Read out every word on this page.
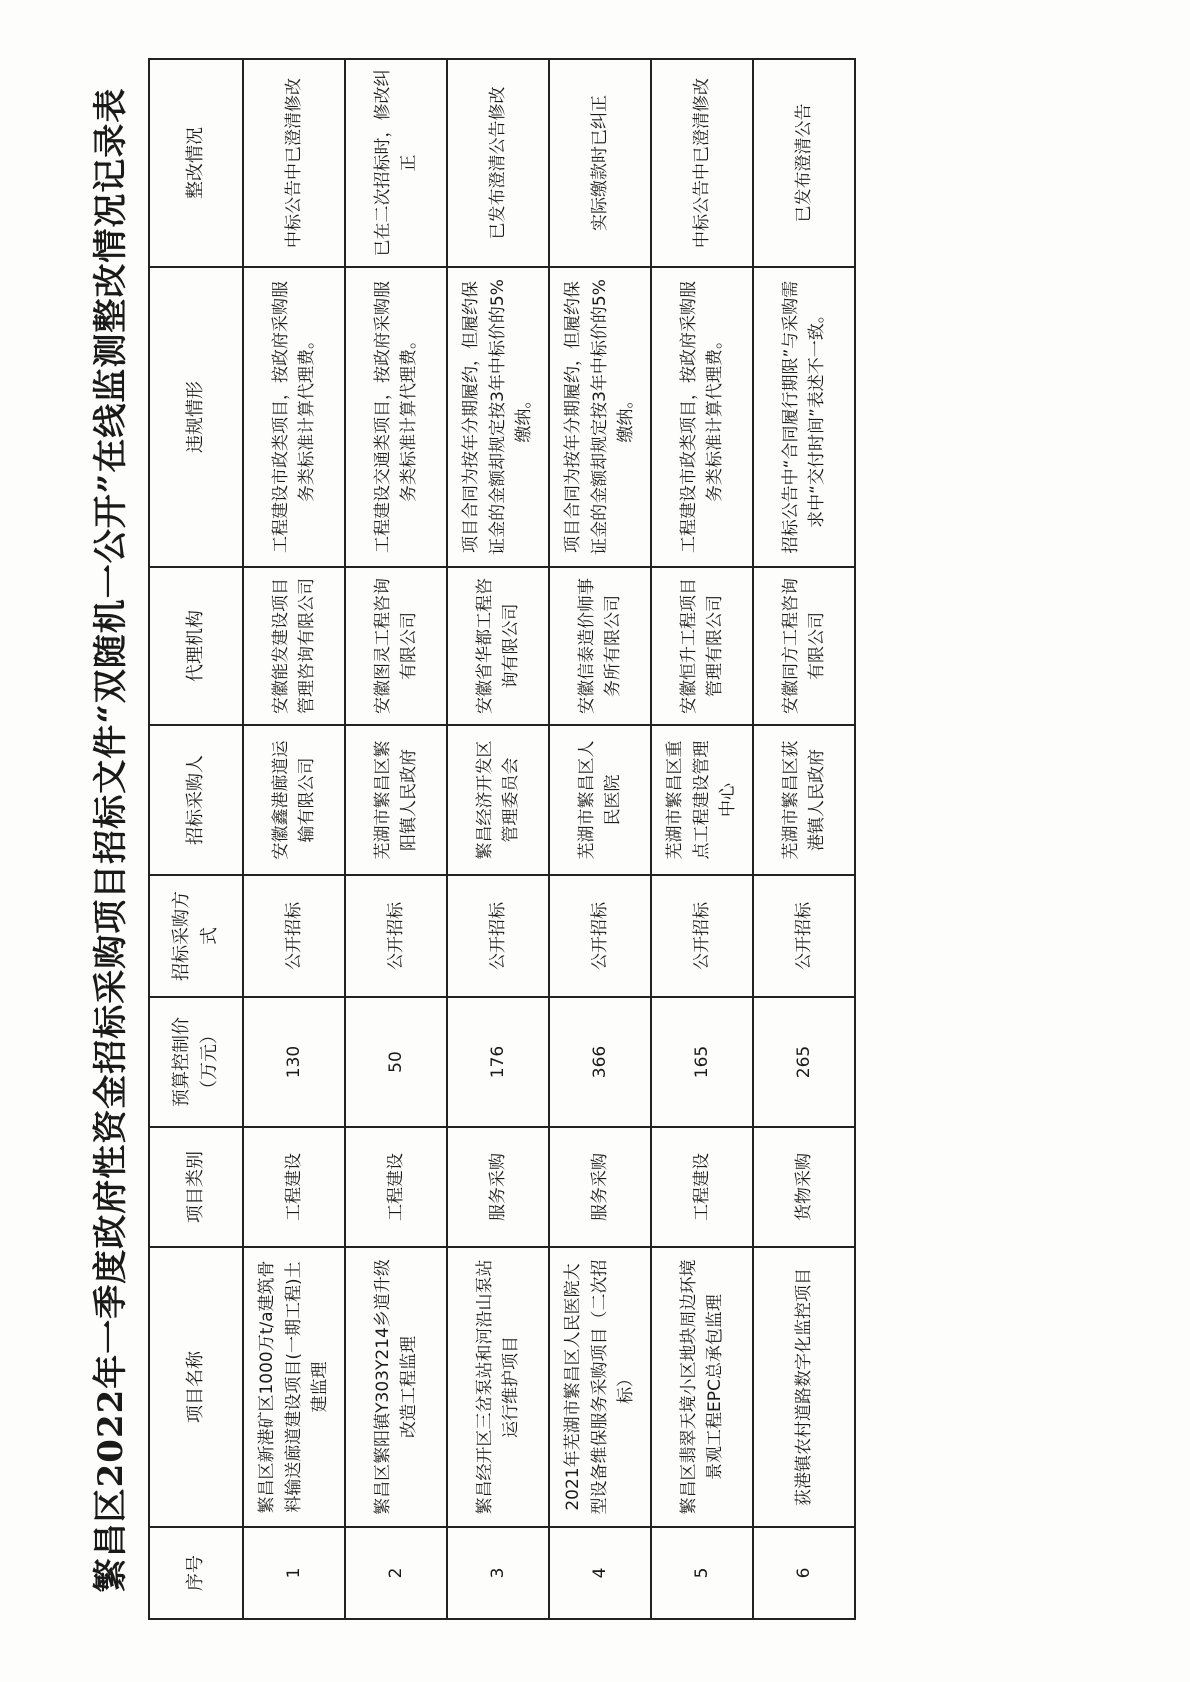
繁昌区2022年一季度政府性资金招标采购项目招标文件“双随机一公开”在线监测整改情况记录表	序号	项目名称	项目类别	预算控制价（万元）	招标采购方式	招标采购人	代理机构	违规情形	整改情况
1	繁昌区新港矿区1000万t/a建筑骨料输送廊道建设项目(一期工程)土建监理	工程建设	130	公开招标	安徽鑫港廊道运输有限公司	安徽能发建设项目管理咨询有限公司	工程建设市政类项目，按政府采购服务类标准计算代理费。	中标公告中已澄清修改
2	繁昌区繁阳镇Y303Y214乡道升级改造工程监理	工程建设	50	公开招标	芜湖市繁昌区繁阳镇人民政府	安徽图灵工程咨询有限公司	工程建设交通类项目，按政府采购服务类标准计算代理费。	已在二次招标时，修改纠正
3	繁昌经开区三岔泵站和河沿山泵站运行维护项目	服务采购	176	公开招标	繁昌经济开发区管理委员会	安徽省华都工程咨询有限公司	项目合同为按年分期履约，但履约保证金的金额却规定按3年中标价的5%缴纳。	已发布澄清公告修改
4	2021年芜湖市繁昌区人民医院大型设备维保服务采购项目（二次招标）	服务采购	366	公开招标	芜湖市繁昌区人民医院	安徽信泰造价师事务所有限公司	项目合同为按年分期履约，但履约保证金的金额却规定按3年中标价的5%缴纳。	实际缴款时已纠正
5	繁昌区翡翠天境小区地块周边环境景观工程EPC总承包监理	工程建设	165	公开招标	芜湖市繁昌区重点工程建设管理中心	安徽恒升工程项目管理有限公司	工程建设市政类项目，按政府采购服务类标准计算代理费。	中标公告中已澄清修改
6	荻港镇农村道路数字化监控项目	货物采购	265	公开招标	芜湖市繁昌区荻港镇人民政府	安徽同方工程咨询有限公司	招标公告中“合同履行期限”与采购需求中“交付时间”表述不一致。	已发布澄清公告
